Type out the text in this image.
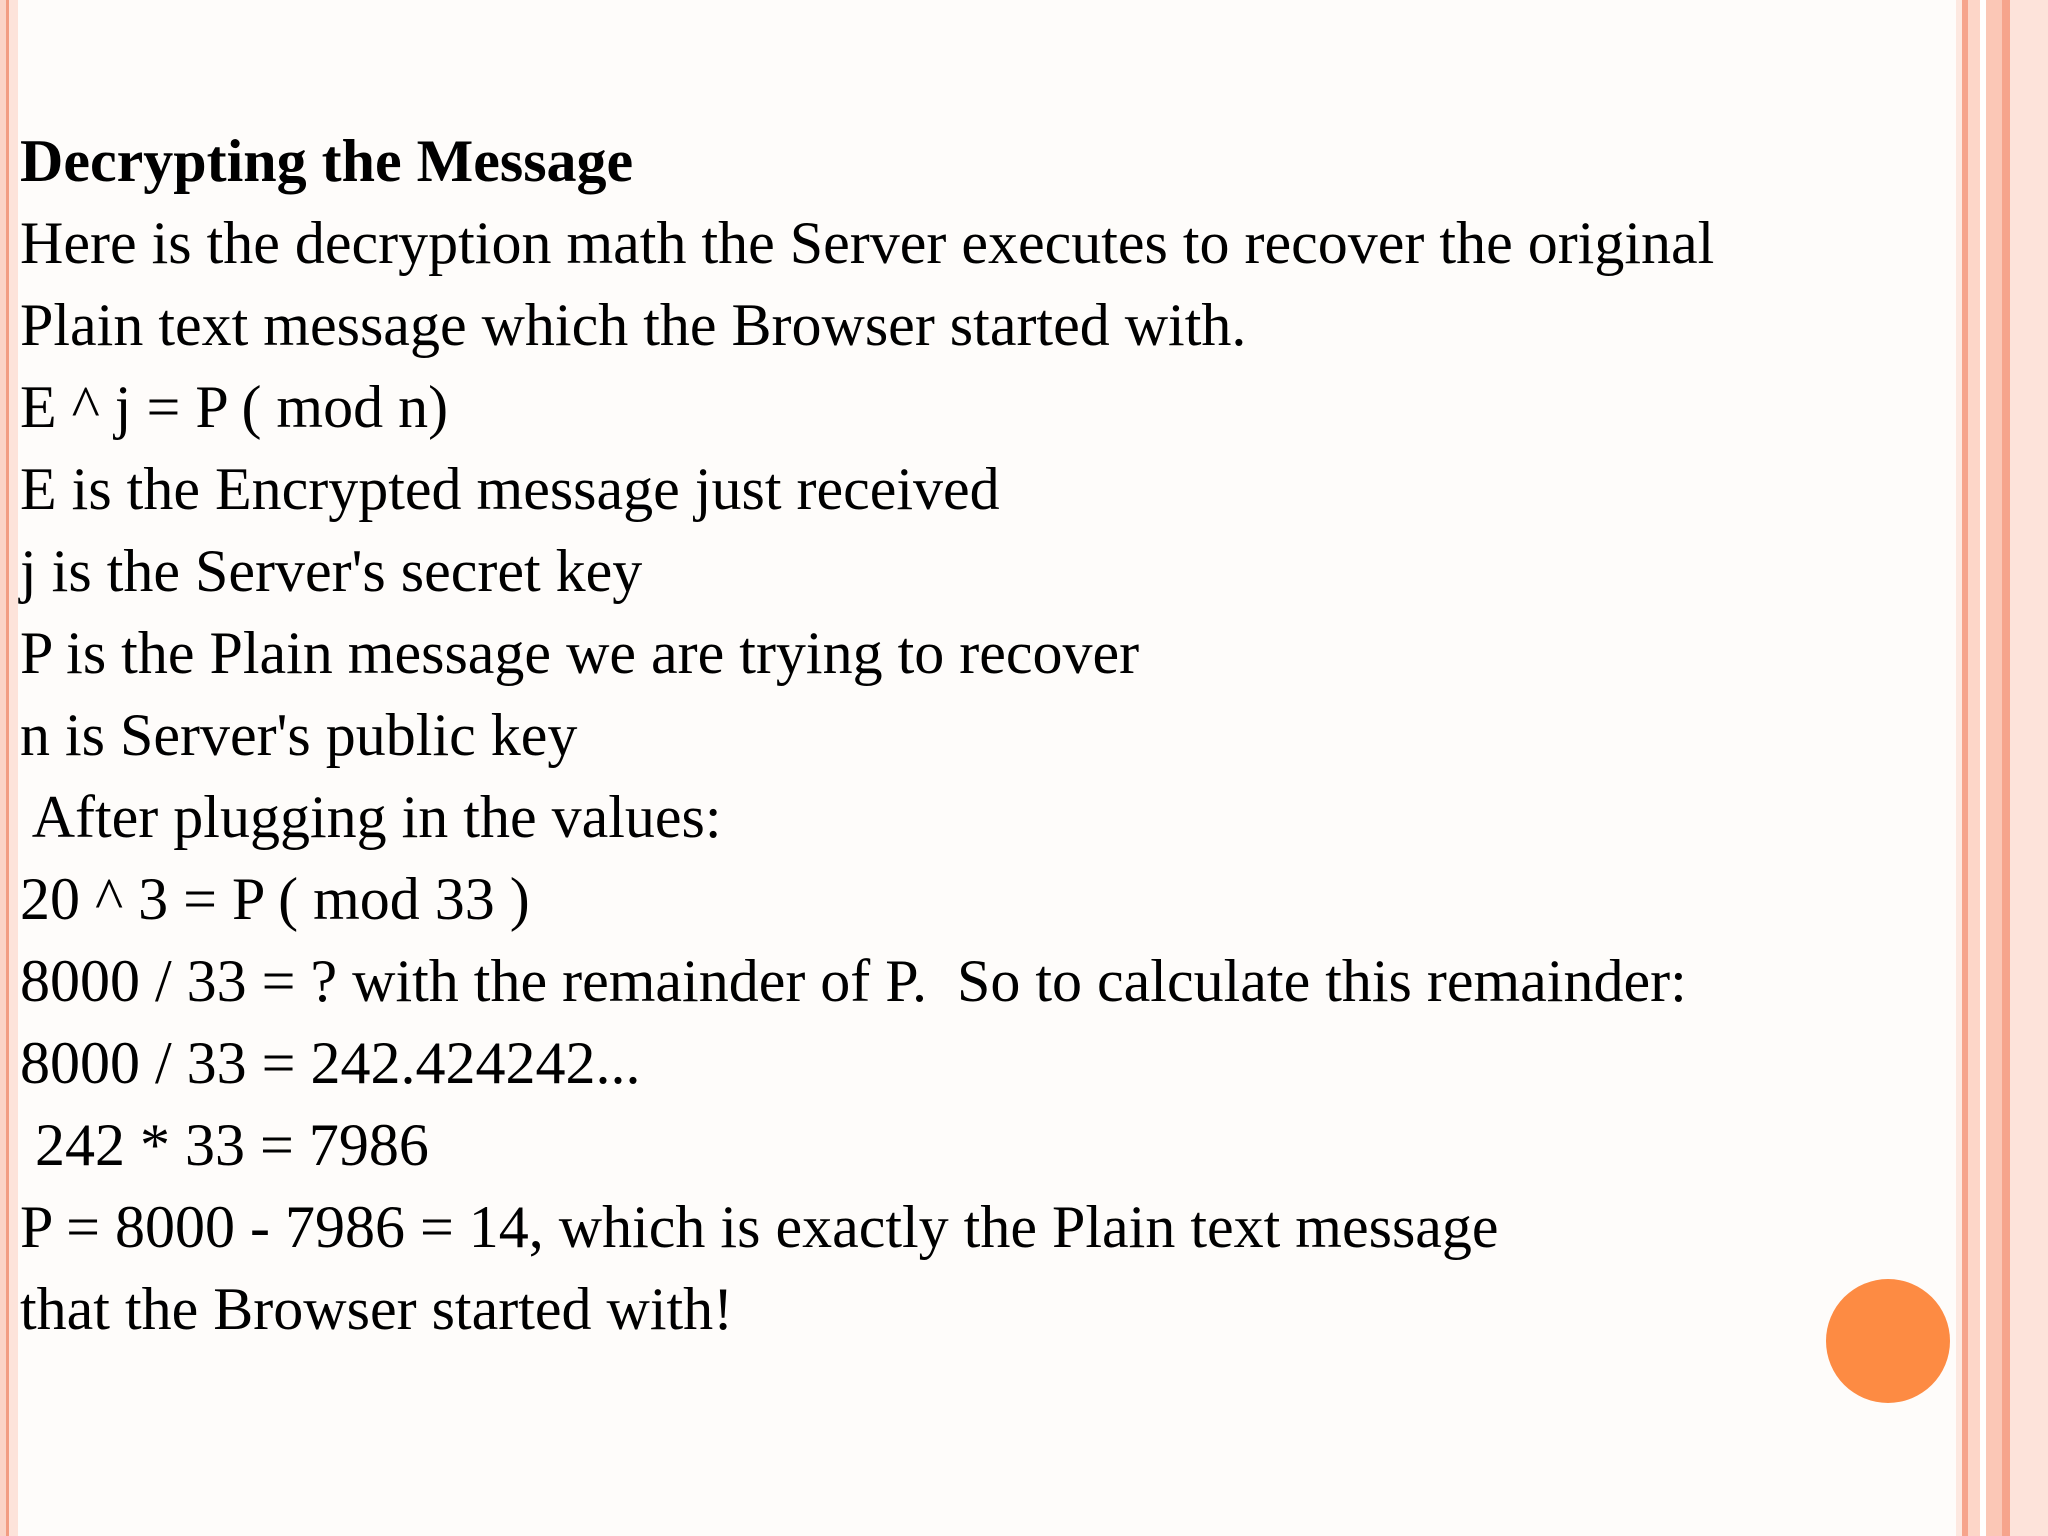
Decrypting the Message
Here is the decryption math the Server executes to recover the original
Plain text message which the Browser started with.
E ^ j = P ( mod n)
E is the Encrypted message just received
j is the Server's secret key
P is the Plain message we are trying to recover
n is Server's public key
After plugging in the values:
20 ^ 3 = P ( mod 33 )
8000 / 33 = ? with the remainder of P.  So to calculate this remainder:
8000 / 33 = 242.424242...
242 * 33 = 7986
P = 8000 - 7986 = 14, which is exactly the Plain text message
that the Browser started with!
